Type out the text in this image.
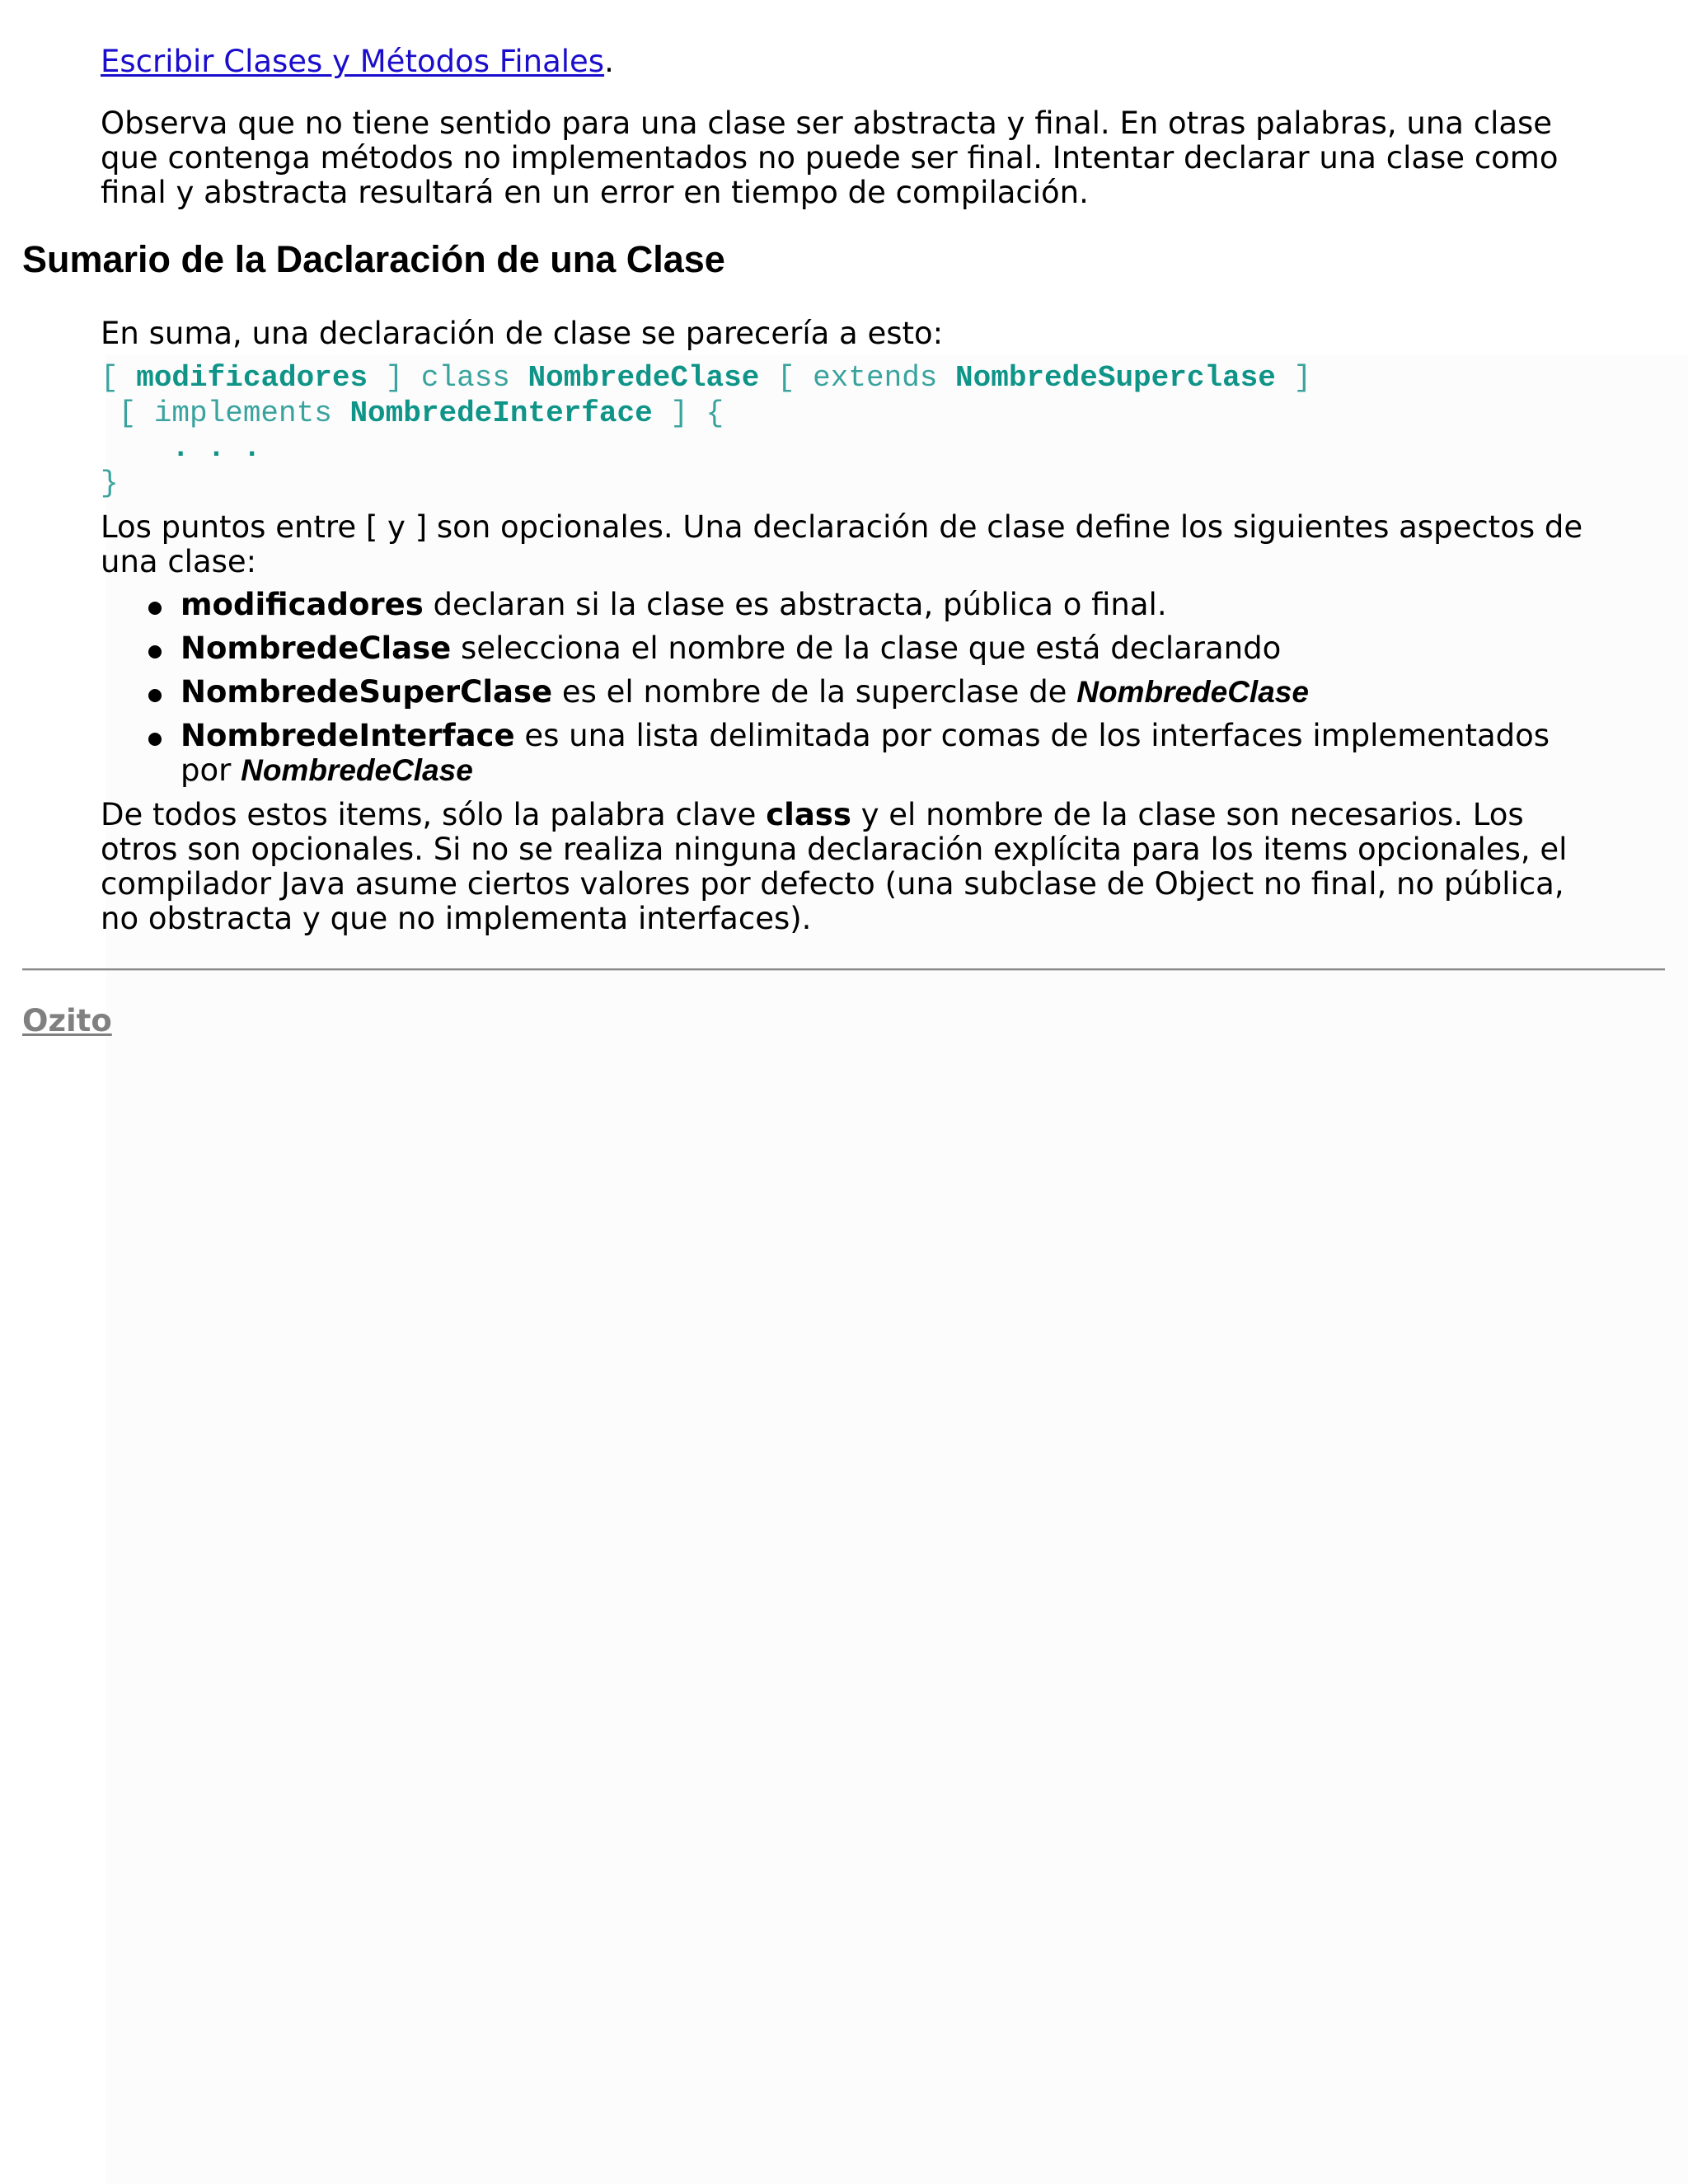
Escribir Clases y Métodos Finales.

Observa que no tiene sentido para una clase ser abstracta y final. En otras palabras, una clase que contenga métodos no implementados no puede ser final. Intentar declarar una clase como final y abstracta resultará en un error en tiempo de compilación.

Sumario de la Daclaración de una Clase
En suma, una declaración de clase se parecería a esto:
[ modificadores ] class NombredeClase [ extends NombredeSuperclase ]
[ implements NombredeInterface ] {
. . .
}

Los puntos entre [ y ] son opcionales. Una declaración de clase define los siguientes aspectos de una clase:

modificadores declaran si la clase es abstracta, pública o final.
NombredeClase selecciona el nombre de la clase que está declarando
NombredeSuperClase es el nombre de la superclase de NombredeClase
NombredeInterface es una lista delimitada por comas de los interfaces implementados por NombredeClase

De todos estos items, sólo la palabra clave class y el nombre de la clase son necesarios. Los otros son opcionales. Si no se realiza ninguna declaración explícita para los items opcionales, el compilador Java asume ciertos valores por defecto (una subclase de Object no final, no pública, no obstracta y que no implementa interfaces).

Ozito
